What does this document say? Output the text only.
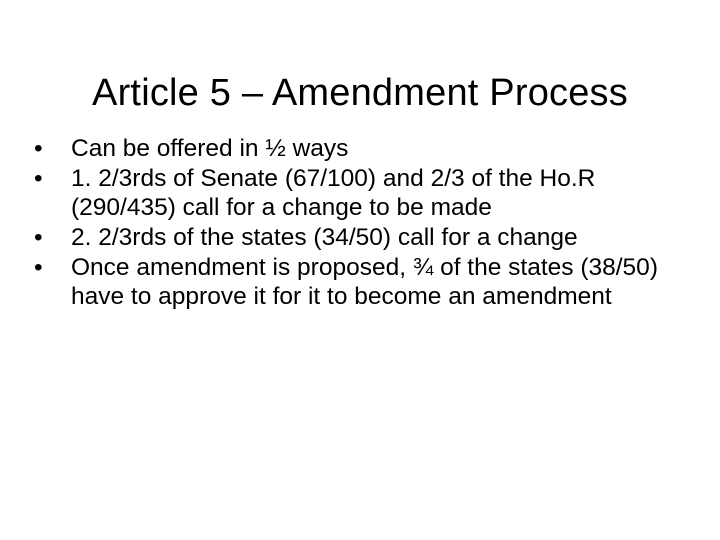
Article 5 – Amendment Process
•	Can be offered in ½ ways
•	1. 2/3rds of Senate (67/100) and 2/3 of the Ho.R (290/435) call for a change to be made
•	2. 2/3rds of the states (34/50) call for a change
•	Once amendment is proposed, ¾ of the states (38/50) have to approve it for it to become an amendment
